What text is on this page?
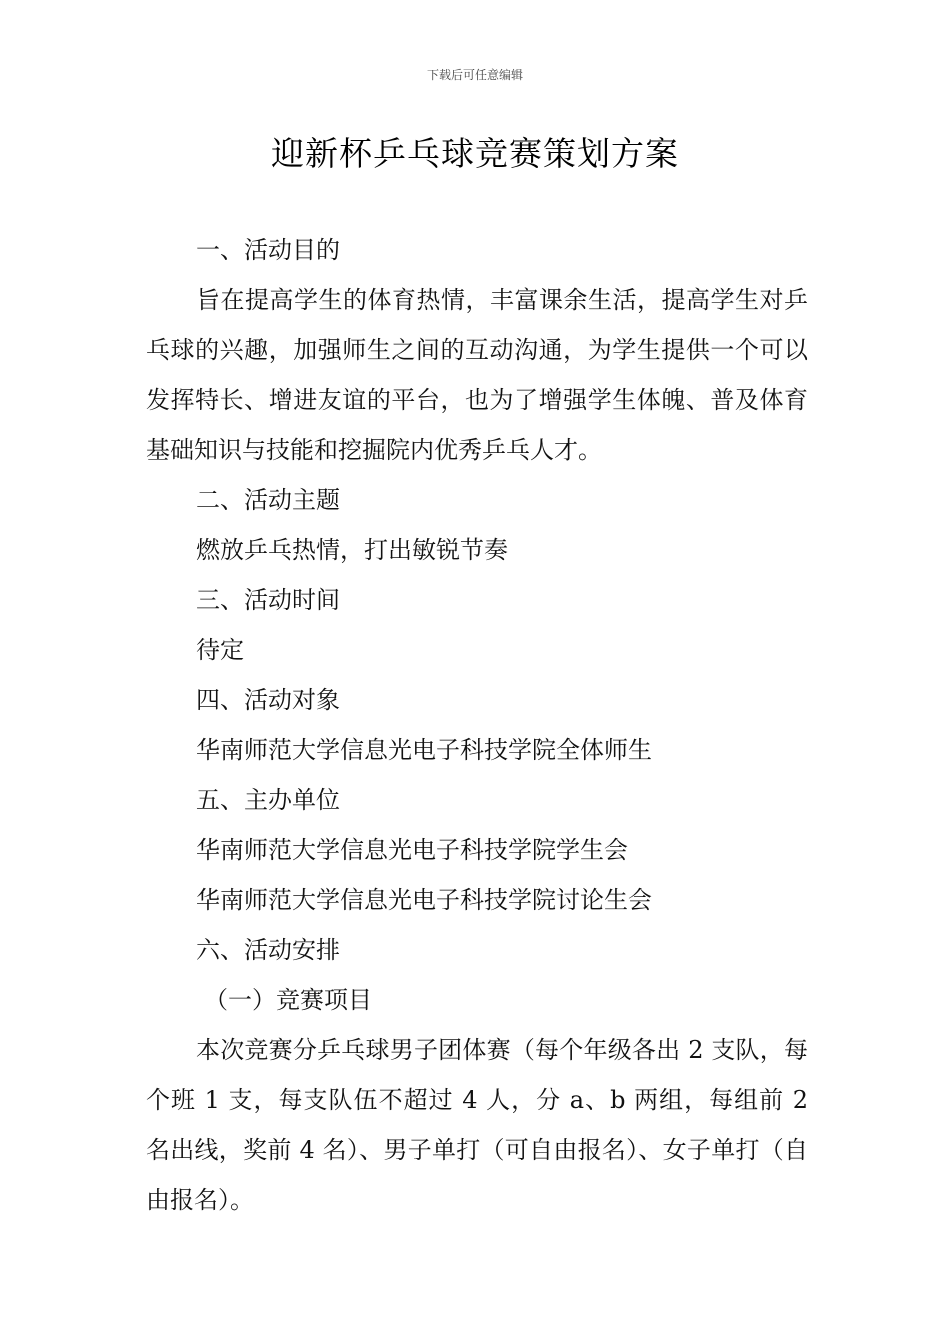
下载后可任意编辑
迎新杯乒乓球竞赛策划方案
一、活动目的
旨在提高学生的体育热情，丰富课余生活，提高学生对乒乓球的兴趣，加强师生之间的互动沟通，为学生提供一个可以发挥特长、增进友谊的平台，也为了增强学生体魄、普及体育基础知识与技能和挖掘院内优秀乒乓人才。
二、活动主题
燃放乒乓热情，打出敏锐节奏
三、活动时间
待定
四、活动对象
华南师范大学信息光电子科技学院全体师生
五、主办单位
华南师范大学信息光电子科技学院学生会
华南师范大学信息光电子科技学院讨论生会
六、活动安排
（一）竞赛项目
本次竞赛分乒乓球男子团体赛（每个年级各出 2 支队，每个班 1 支，每支队伍不超过 4 人，分 a、b 两组，每组前 2 名出线，奖前 4 名）、男子单打（可自由报名）、女子单打（自由报名）。
